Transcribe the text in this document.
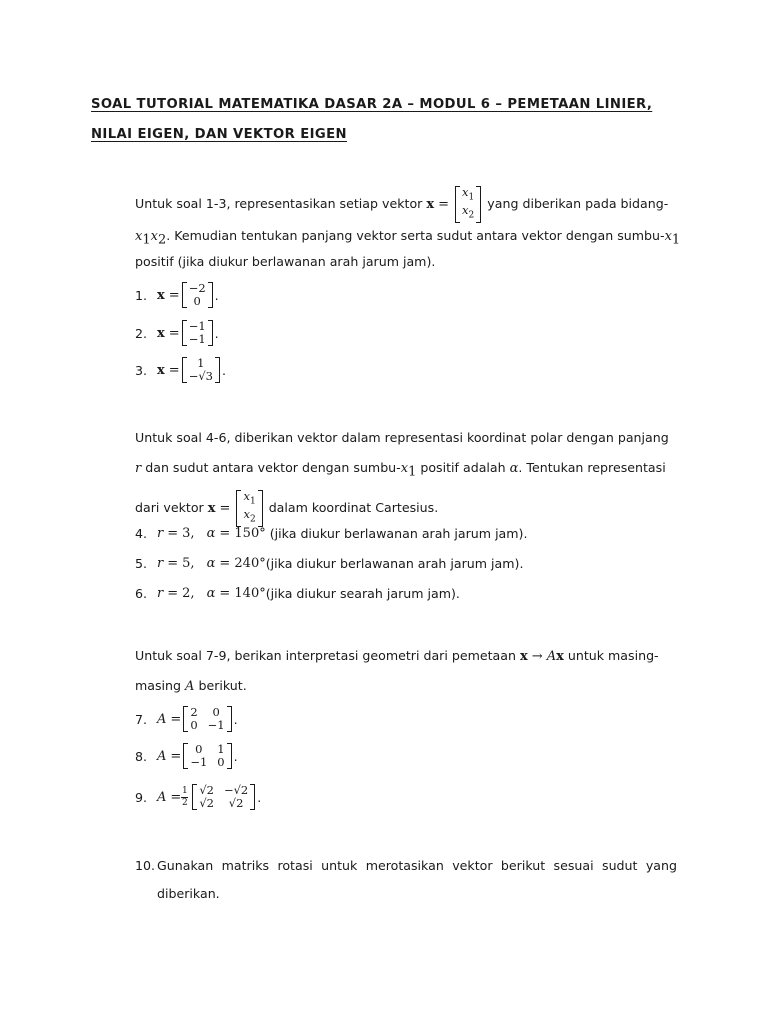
SOAL TUTORIAL MATEMATIKA DASAR 2A – MODUL 6 – PEMETAAN LINIER,
NILAI EIGEN, DAN VEKTOR EIGEN
Untuk soal 1-3, representasikan setiap vektor x =
$x_1$
$x_2$
yang diberikan pada bidang-
$x_1x_2$. Kemudian tentukan panjang vektor serta sudut antara vektor dengan sumbu-$x_1$
positif (jika diukur berlawanan arah jarum jam).
1. x
= −2
0 .
2. x
= −1
−1 .
3. x
= 1
−√3 .
Untuk soal 4-6, diberikan vektor dalam representasi koordinat polar dengan panjang
r dan sudut antara vektor dengan sumbu-$x_1$ positif adalah α. Tentukan representasi
dari vektor x =
$x_1$
$x_2$
dalam koordinat Cartesius.
4. r
=
3,
α
= 150°
(jika diukur berlawanan arah jarum jam).
5. r
=
5,
α
= 240° (jika diukur berlawanan arah jarum jam).
6. r
=
2,
α
= 140° (jika diukur searah jarum jam).
Untuk soal 7-9, berikan interpretasi geometri dari pemetaan x → Ax untuk masing-
masing A berikut.
7. A
= 2
0
0
−1 .
8. A
= 0
−1
1
0 .
9. A
= $\frac{1}{2} √2$
√2
−√2
√2 .
10. Gunakan matriks rotasi untuk merotasikan vektor berikut sesuai sudut yang
diberikan.
